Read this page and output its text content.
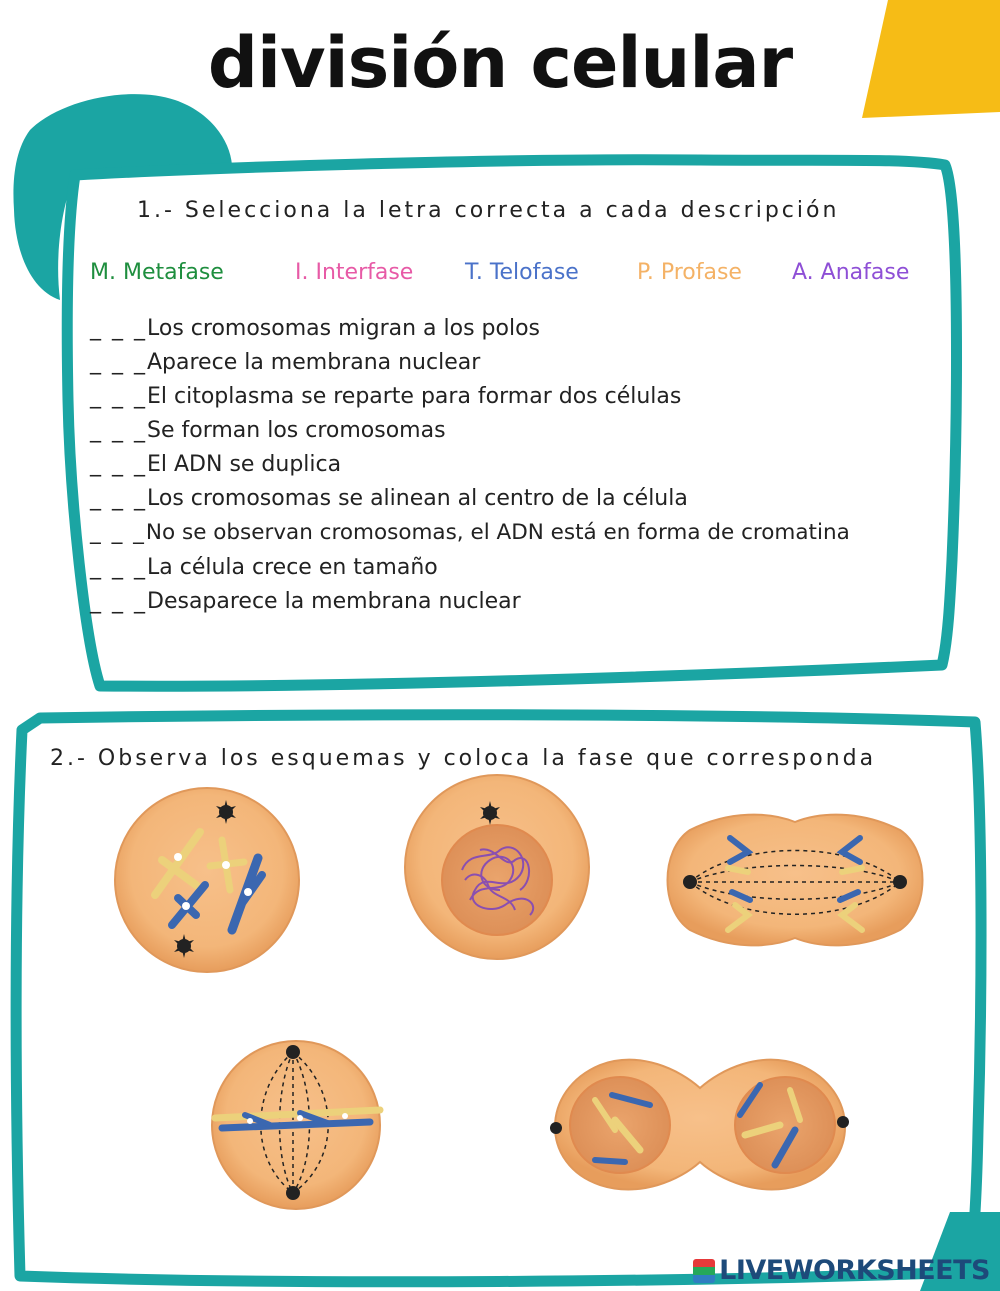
división celular
1.- Selecciona la letra correcta a cada descripción
M. Metafase	I. Interfase T. Telofase	P. Profase A. Anafase
_ _ _Los cromosomas migran a los polos
_ _ _Aparece la membrana nuclear
_ _ _El citoplasma se reparte para formar dos células
_ _ _Se forman los cromosomas
_ _ _El ADN se duplica
_ _ _Los cromosomas se alinean al centro de la célula
_ _ _No se observan cromosomas, el ADN está en forma de cromatina
_ _ _La célula crece en tamaño
_ _ _Desaparece la membrana nuclear
2.- Observa los esquemas y coloca la fase que corresponda
LIVEWORKSHEETS
